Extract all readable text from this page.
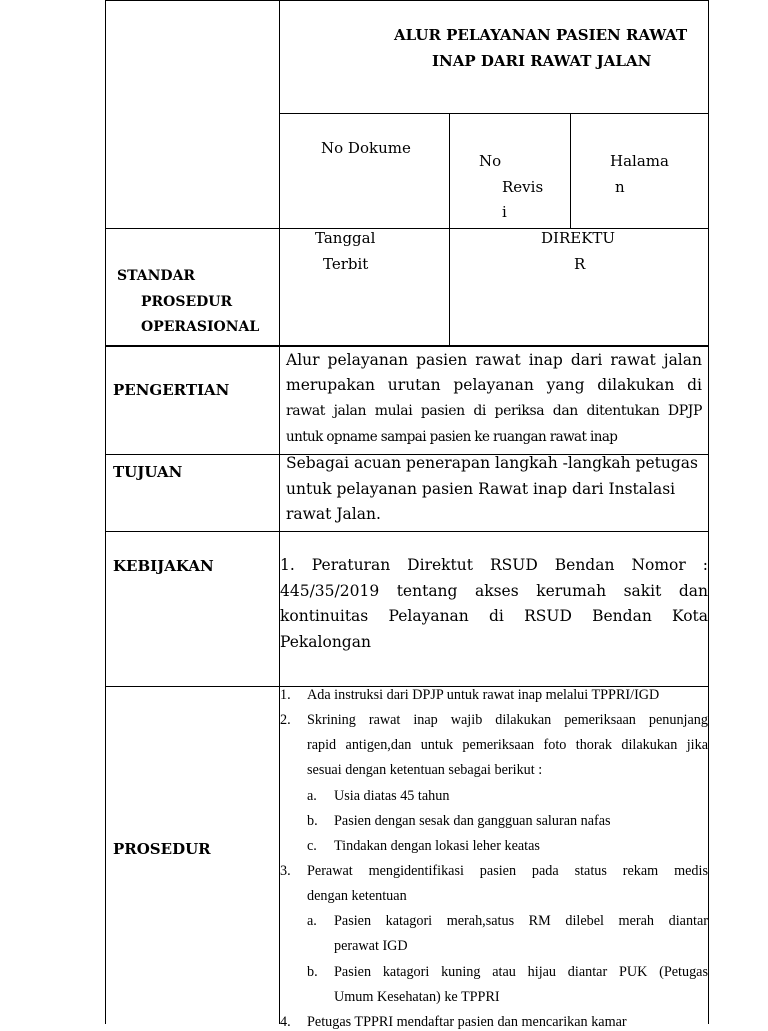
ALUR PELAYANAN PASIEN RAWAT
INAP DARI RAWAT JALAN
No Dokume
No
Revis
i
Halama
n
Tanggal
Terbit
DIREKTU
R
STANDAR
PROSEDUR
OPERASIONAL
PENGERTIAN
Alur pelayanan pasien rawat inap dari rawat jalan
merupakan urutan pelayanan yang dilakukan di
rawat jalan mulai pasien di periksa dan ditentukan DPJP
untuk opname sampai pasien ke ruangan rawat inap
TUJUAN	Sebagai acuan penerapan langkah -langkah petugas
untuk pelayanan pasien Rawat inap dari Instalasi
rawat Jalan.
KEBIJAKAN	1. Peraturan Direktut RSUD Bendan Nomor :
445/35/2019 tentang akses kerumah sakit dan
kontinuitas Pelayanan di RSUD Bendan Kota
Pekalongan
PROSEDUR
1. Ada instruksi dari DPJP untuk rawat inap melalui TPPRI/IGD
2. Skrining rawat inap wajib dilakukan pemeriksaan penunjang
rapid antigen,dan untuk pemeriksaan foto thorak dilakukan jika
sesuai dengan ketentuan sebagai berikut :
a. Usia diatas 45 tahun
b. Pasien dengan sesak dan gangguan saluran nafas
c. Tindakan dengan lokasi leher keatas
3. Perawat mengidentifikasi pasien pada status rekam medis
dengan ketentuan
a. Pasien katagori merah,satus RM dilebel merah diantar
perawat IGD
b. Pasien katagori kuning atau hijau diantar PUK (Petugas
Umum Kesehatan) ke TPPRI
4. Petugas TPPRI mendaftar pasien dan mencarikan kamar
